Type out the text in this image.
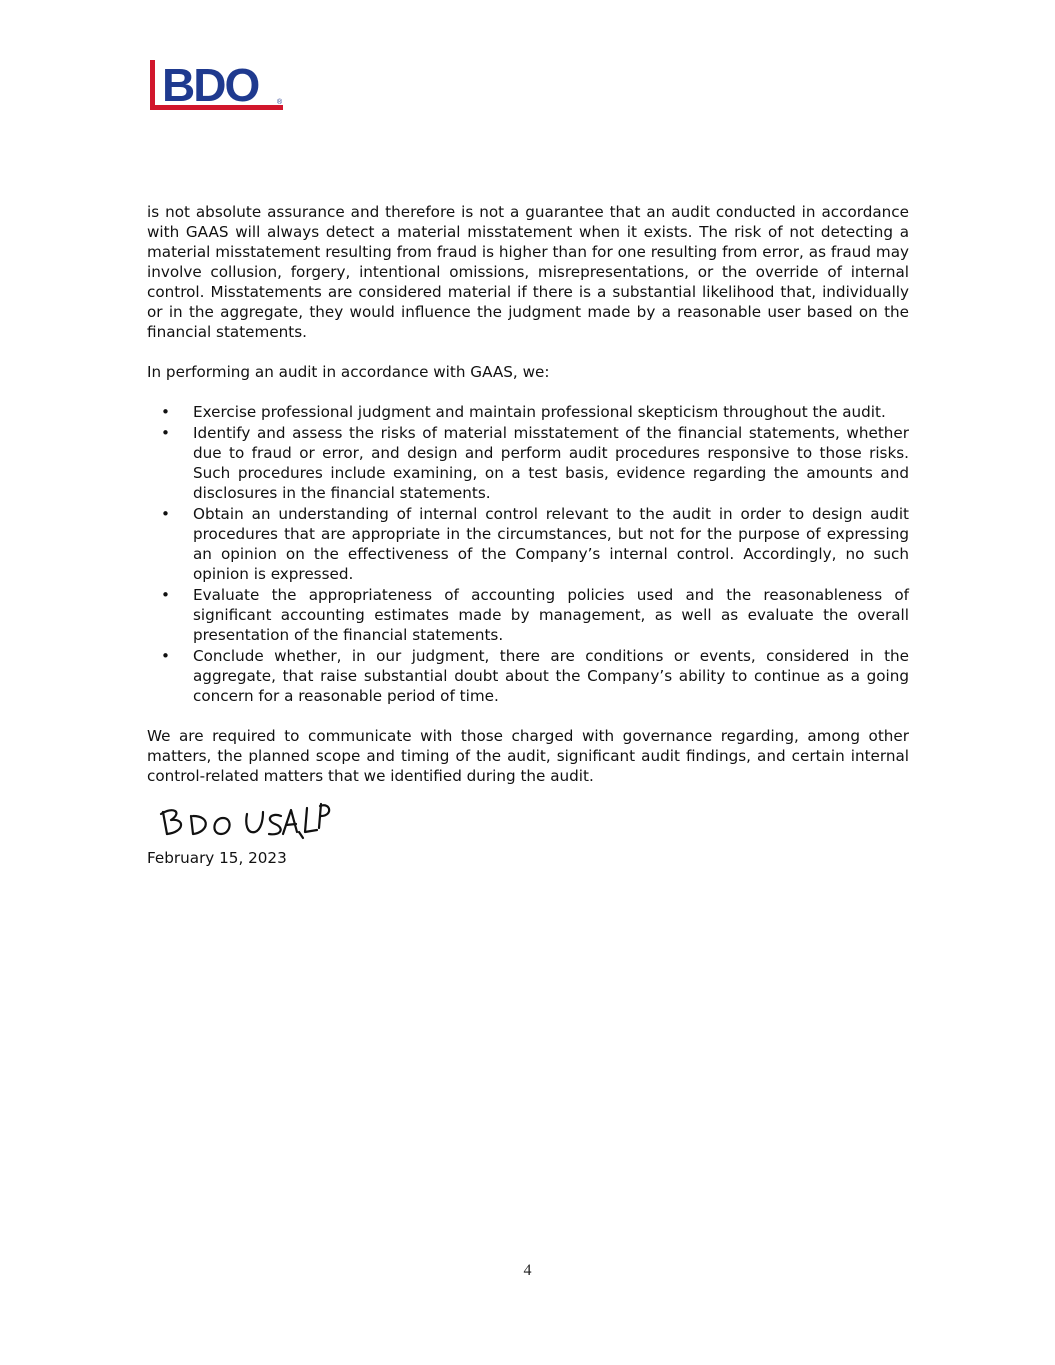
BDO	®

is not absolute assurance and therefore is not a guarantee that an audit conducted in accordance with GAAS will always detect a material misstatement when it exists. The risk of not detecting a material misstatement resulting from fraud is higher than for one resulting from error, as fraud may involve collusion, forgery, intentional omissions, misrepresentations, or the override of internal control. Misstatements are considered material if there is a substantial likelihood that, individually or in the aggregate, they would influence the judgment made by a reasonable user based on the financial statements.

In performing an audit in accordance with GAAS, we:

• Exercise professional judgment and maintain professional skepticism throughout the audit.
• Identify and assess the risks of material misstatement of the financial statements, whether due to fraud or error, and design and perform audit procedures responsive to those risks. Such procedures include examining, on a test basis, evidence regarding the amounts and disclosures in the financial statements.
• Obtain an understanding of internal control relevant to the audit in order to design audit procedures that are appropriate in the circumstances, but not for the purpose of expressing an opinion on the effectiveness of the Company’s internal control. Accordingly, no such opinion is expressed.
• Evaluate the appropriateness of accounting policies used and the reasonableness of significant accounting estimates made by management, as well as evaluate the overall presentation of the financial statements.
• Conclude whether, in our judgment, there are conditions or events, considered in the aggregate, that raise substantial doubt about the Company’s ability to continue as a going concern for a reasonable period of time.

We are required to communicate with those charged with governance regarding, among other matters, the planned scope and timing of the audit, significant audit findings, and certain internal control-related matters that we identified during the audit.

February 15, 2023

4
